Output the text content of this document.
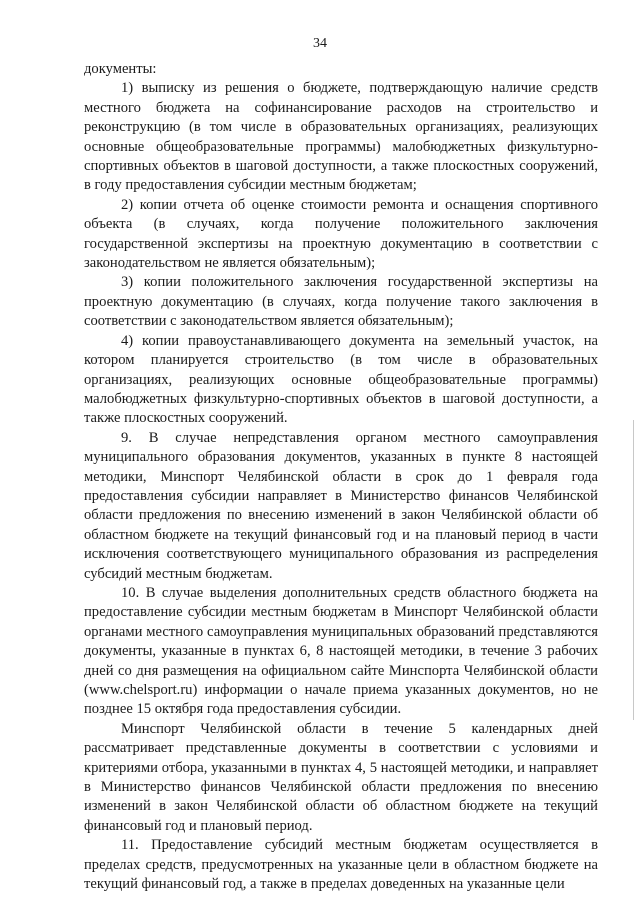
34

документы:

1) выписку из решения о бюджете, подтверждающую наличие средств местного бюджета на софинансирование расходов на строительство и реконструкцию (в том числе в образовательных организациях, реализующих основные общеобразовательные программы) малобюджетных физкультурно-спортивных объектов в шаговой доступности, а также плоскостных сооружений, в году предоставления субсидии местным бюджетам;

2) копии отчета об оценке стоимости ремонта и оснащения спортивного объекта (в случаях, когда получение положительного заключения государственной экспертизы на проектную документацию в соответствии с законодательством не является обязательным);

3) копии положительного заключения государственной экспертизы на проектную документацию (в случаях, когда получение такого заключения в соответствии с законодательством является обязательным);

4) копии правоустанавливающего документа на земельный участок, на котором планируется строительство (в том числе в образовательных организациях, реализующих основные общеобразовательные программы) малобюджетных физкультурно-спортивных объектов в шаговой доступности, а также плоскостных сооружений.

9. В случае непредставления органом местного самоуправления муниципального образования документов, указанных в пункте 8 настоящей методики, Минспорт Челябинской области в срок до 1 февраля года предоставления субсидии направляет в Министерство финансов Челябинской области предложения по внесению изменений в закон Челябинской области об областном бюджете на текущий финансовый год и на плановый период в части исключения соответствующего муниципального образования из распределения субсидий местным бюджетам.

10. В случае выделения дополнительных средств областного бюджета на предоставление субсидии местным бюджетам в Минспорт Челябинской области органами местного самоуправления муниципальных образований представляются документы, указанные в пунктах 6, 8 настоящей методики, в течение 3 рабочих дней со дня размещения на официальном сайте Минспорта Челябинской области (www.chelsport.ru) информации о начале приема указанных документов, но не позднее 15 октября года предоставления субсидии.

Минспорт Челябинской области в течение 5 календарных дней рассматривает представленные документы в соответствии с условиями и критериями отбора, указанными в пунктах 4, 5 настоящей методики, и направляет в Министерство финансов Челябинской области предложения по внесению изменений в закон Челябинской области об областном бюджете на текущий финансовый год и плановый период.

11. Предоставление субсидий местным бюджетам осуществляется в пределах средств, предусмотренных на указанные цели в областном бюджете на текущий финансовый год, а также в пределах доведенных на указанные цели
